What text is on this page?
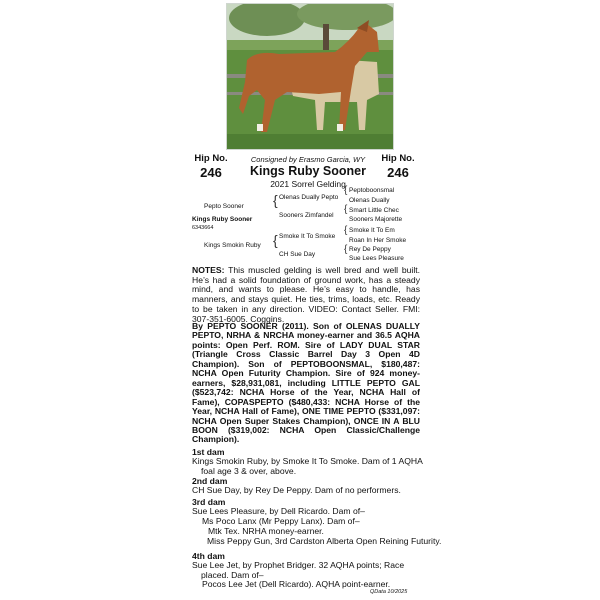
Hip No.
246
Hip No.
246
Consigned by Erasmo Garcia, WY
Kings Ruby Sooner
2021 Sorrel Gelding
Pepto Sooner
Kings Ruby Sooner
6343664
Kings Smokin Ruby
{ Olenas Dually Pepto
Sooners Zimfandel
{ Smoke It To Smoke
CH Sue Day
{ Peptoboonsmal
Olenas Dually
{ Smart Little Chec
Sooners Majorette
{ Smoke It To Em
Roan In Her Smoke
{ Rey De Peppy
Sue Lees Pleasure
NOTES: This muscled gelding is well bred and well built. He’s had a solid foundation of ground work, has a steady mind, and wants to please. He’s easy to handle, has manners, and stays quiet. He ties, trims, loads, etc. Ready to be taken in any direction. VIDEO: Contact Seller. FMI: 307-351-6005. Coggins.
By PEPTO SOONER (2011). Son of OLENAS DUALLY PEPTO, NRHA & NRCHA money-earner and 36.5 AQHA points: Open Perf. ROM. Sire of LADY DUAL STAR (Triangle Cross Classic Barrel Day 3 Open 4D Champion). Son of PEPTOBOONSMAL, $180,487: NCHA Open Futurity Champion. Sire of 924 money-earners, $28,931,081, including LITTLE PEPTO GAL ($523,742: NCHA Horse of the Year, NCHA Hall of Fame), COPASPEPTO ($480,433: NCHA Horse of the Year, NCHA Hall of Fame), ONE TIME PEPTO ($331,097: NCHA Open Super Stakes Champion), ONCE IN A BLU BOON ($319,002: NCHA Open Classic/Challenge Champion).
1st dam
Kings Smokin Ruby, by Smoke It To Smoke. Dam of 1 AQHA foal age 3 & over, above.
2nd dam
CH Sue Day, by Rey De Peppy. Dam of no performers.
3rd dam
Sue Lees Pleasure, by Dell Ricardo. Dam of–
Ms Poco Lanx (Mr Peppy Lanx). Dam of–
Mtk Tex. NRHA money-earner.
Miss Peppy Gun, 3rd Cardston Alberta Open Reining Futurity.
4th dam
Sue Lee Jet, by Prophet Bridger. 32 AQHA points; Race placed. Dam of–
Pocos Lee Jet (Dell Ricardo). AQHA point-earner.
QData 10/2025
